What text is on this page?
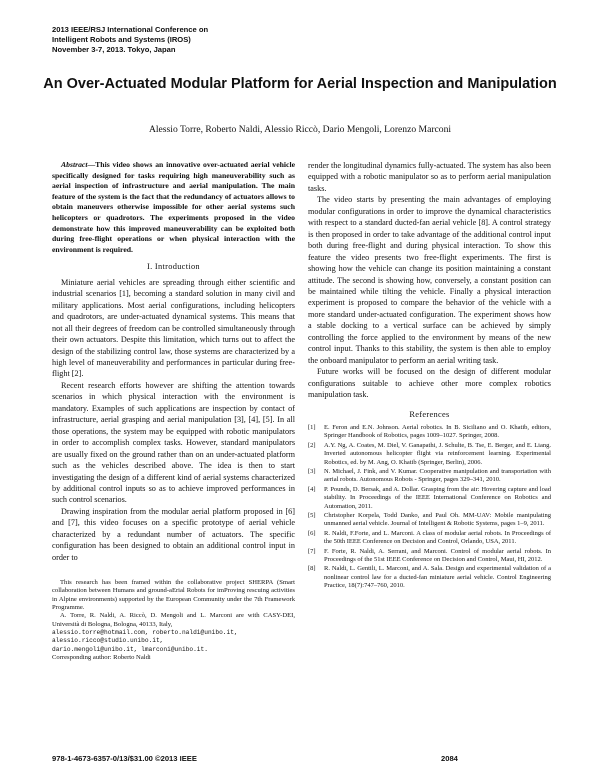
2013 IEEE/RSJ International Conference on
Intelligent Robots and Systems (IROS)
November 3-7, 2013. Tokyo, Japan
An Over-Actuated Modular Platform for Aerial Inspection and Manipulation
Alessio Torre, Roberto Naldi, Alessio Riccò, Dario Mengoli, Lorenzo Marconi

Abstract—This video shows an innovative over-actuated aerial vehicle specifically designed for tasks requiring high maneuverability such as aerial inspection of infrastructure and aerial manipulation. The main feature of the system is the fact that the redundancy of actuators allows to obtain maneuvers otherwise impossible for other aerial systems such helicopters or quadrotors. The experiments proposed in the video demonstrate how this improved maneuverability can be exploited both during free-flight operations or when physical interaction with the environment is required.

I. Introduction

Miniature aerial vehicles are spreading through either scientific and industrial scenarios [1], becoming a standard solution in many civil and military applications. Most aerial configurations, including helicopters and quadrotors, are under-actuated dynamical systems. This means that not all their degrees of freedom can be controlled simultaneously through their own actuators. Despite this limitation, which turns out to affect the design of the stabilizing control law, those systems are characterized by a high level of maneuverability and performances in particular during free-flight [2].

Recent research efforts however are shifting the attention towards scenarios in which physical interaction with the environment is mandatory. Examples of such applications are inspection by contact of infrastructure, aerial grasping and aerial manipulation [3], [4], [5]. In all those operations, the system may be equipped with robotic manipulators in order to accomplish complex tasks. However, standard manipulators are usually fixed on the ground rather than on an under-actuated platform such as the vehicles described above. The idea is then to start investigating the design of a different kind of aerial systems characterized by additional control inputs so as to achieve improved performances in such control scenarios.

Drawing inspiration from the modular aerial platform proposed in [6] and [7], this video focuses on a specific prototype of aerial vehicle characterized by a redundant number of actuators. The specific configuration has been designed to obtain an additional control input in order to

This research has been framed within the collaborative project SHERPA (Smart collaboration between Humans and ground-aErial Robots for imProving rescuing activities in Alpine environments) supported by the European Community under the 7th Framework Programme.
A. Torre, R. Naldi, A. Riccò, D. Mengoli and L. Marconi are with CASY-DEI, Università di Bologna, Bologna, 40133, Italy,
alessio.torre@hotmail.com, roberto.naldi@unibo.it,
alessio.ricco@studio.unibo.it,
dario.mengoli@unibo.it, lmarconi@unibo.it.
Corresponding author: Roberto Naldi

render the longitudinal dynamics fully-actuated. The system has also been equipped with a robotic manipulator so as to perform aerial manipulation tasks.

The video starts by presenting the main advantages of employing modular configurations in order to improve the dynamical characteristics with respect to a standard ducted-fan aerial vehicle [8]. A control strategy is then proposed in order to take advantage of the additional control input both during free-flight and during physical interaction. To show this feature the video presents two free-flight experiments. The first is showing how the vehicle can change its position maintaining a constant attitude. The second is showing how, conversely, a constant position can be maintained while tilting the vehicle. Finally a physical interaction experiment is proposed to compare the behavior of the vehicle with a more standard under-actuated configuration. The experiment shows how a stable docking to a vertical surface can be achieved by simply controlling the force applied to the environment by means of the new control input. Thanks to this stability, the system is then able to employ the onboard manipulator to perform an aerial writing task.

Future works will be focused on the design of different modular configurations suitable to achieve other more complex robotics manipulation task.

References
[1]	E. Feron and E.N. Johnson. Aerial robotics. In B. Siciliano and O. Khatib, editors, Springer Handbook of Robotics, pages 1009–1027. Springer, 2008.
[2]	A.Y. Ng, A. Coates, M. Diel, V. Ganapathi, J. Schulte, B. Tse, E. Berger, and E. Liang. Inverted autonomous helicopter flight via reinforcement learning. Experimental Robotics, ed. by M. Ang, O. Khatib (Springer, Berlin), 2006.
[3]	N. Michael, J. Fink, and V. Kumar. Cooperative manipulation and transportation with aerial robots. Autonomous Robots - Springer, pages 329–341, 2010.
[4]	P. Pounds, D. Bersak, and A. Dollar. Grasping from the air: Hovering capture and load stability. In Proceedings of the IEEE International Conference on Robotics and Automation, 2011.
[5]	Christopher Korpela, Todd Danko, and Paul Oh. MM-UAV: Mobile manipulating unmanned aerial vehicle. Journal of Intelligent & Robotic Systems, pages 1–9, 2011.
[6]	R. Naldi, F.Forte, and L. Marconi. A class of modular aerial robots. In Proceedings of the 50th IEEE Conference on Decision and Control, Orlando, USA, 2011.
[7]	F. Forte, R. Naldi, A. Serrani, and Marconi. Control of modular aerial robots. In Proceedings of the 51st IEEE Conference on Decision and Control, Maui, HI, 2012.
[8]	R. Naldi, L. Gentili, L. Marconi, and A. Sala. Design and experimental validation of a nonlinear control law for a ducted-fan miniature aerial vehicle. Control Engineering Practice, 18(7):747–760, 2010.
978-1-4673-6357-0/13/$31.00 ©2013 IEEE	2084
